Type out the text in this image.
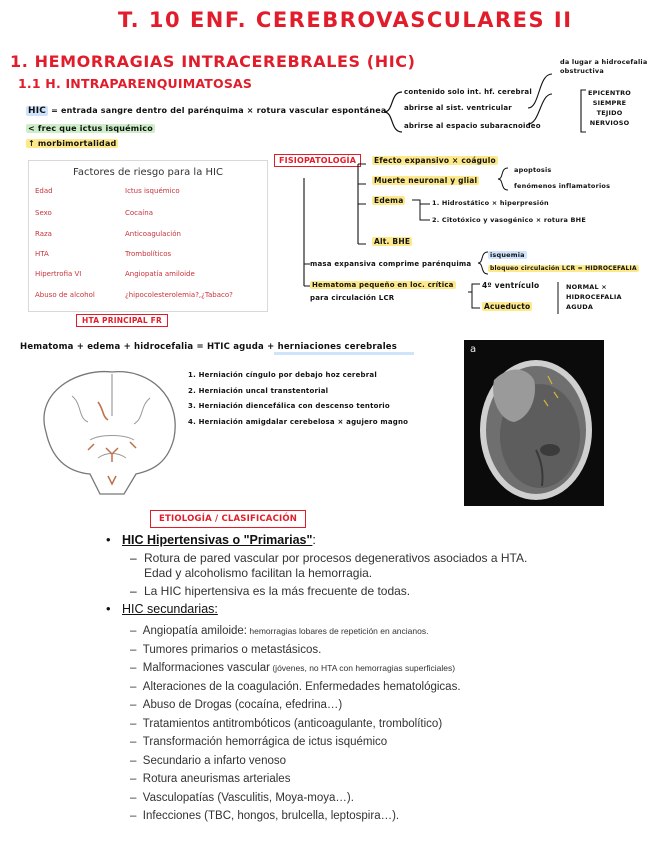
T. 10 ENF. CEREBROVASCULARES II
1. HEMORRAGIAS INTRACEREBRALES (HIC)
1.1 H. INTRAPARENQUIMATOSAS
HIC = entrada sangre dentro del parénquima × rotura vascular espontánea
< frec que ictus isquémico
↑ morbimortalidad
contenido solo int. hf. cerebral
abrirse al sist. ventricular
abrirse al espacio subaracnoideo
da lugar a hidrocefalia obstructiva
EPICENTRO
SIEMPRE
TEJIDO
NERVIOSO
Factores de riesgo para la HIC
Edad	Ictus isquémico
Sexo	Cocaína
Raza	Anticoagulación
HTA	Trombolíticos
Hipertrofia VI	Angiopatía amiloide
Abuso de alcohol	¿hipocolesterolemia?,¿Tabaco?
HTA PRINCIPAL FR
FISIOPATOLOGÍA	Efecto expansivo × coágulo
Muerte neuronal y glial
apoptosis
fenómenos inflamatorios
Edema	1. Hidrostático × hiperpresión
2. Citotóxico y vasogénico × rotura BHE
Alt. BHE
masa expansiva comprime parénquima
isquemia
bloqueo circulación LCR = HIDROCEFALIA
Hematoma pequeño en loc. crítica
para circulación LCR
4º ventrículo
Acueducto
NORMAL ×
HIDROCEFALIA
AGUDA
Hematoma + edema + hidrocefalia = HTIC aguda + herniaciones cerebrales
1. Herniación cíngulo por debajo hoz cerebral
2. Herniación uncal transtentorial
3. Herniación diencefálica con descenso tentorio
4. Herniación amigdalar cerebelosa × agujero magno
a
ETIOLOGÍA / CLASIFICACIÓN
• HIC Hipertensivas o "Primarias":
– Rotura de pared vascular por procesos degenerativos asociados a HTA. Edad y alcoholismo facilitan la hemorragia.
– La HIC hipertensiva es la más frecuente de todas.
• HIC secundarias:
–  Angiopatía amiloide: hemorragias lobares de repetición en ancianos.
–  Tumores primarios o metastásicos.
–  Malformaciones vascular (jóvenes, no HTA con hemorragias superficiales)
–  Alteraciones de la coagulación. Enfermedades hematológicas.
–  Abuso de Drogas (cocaína, efedrina…)
–  Tratamientos antitrombóticos (anticoagulante, trombolítico)
–  Transformación hemorrágica de ictus isquémico
–  Secundario a infarto venoso
–  Rotura aneurismas arteriales
–  Vasculopatías (Vasculitis, Moya-moya…).
–  Infecciones (TBC, hongos, brulcella, leptospira…).
